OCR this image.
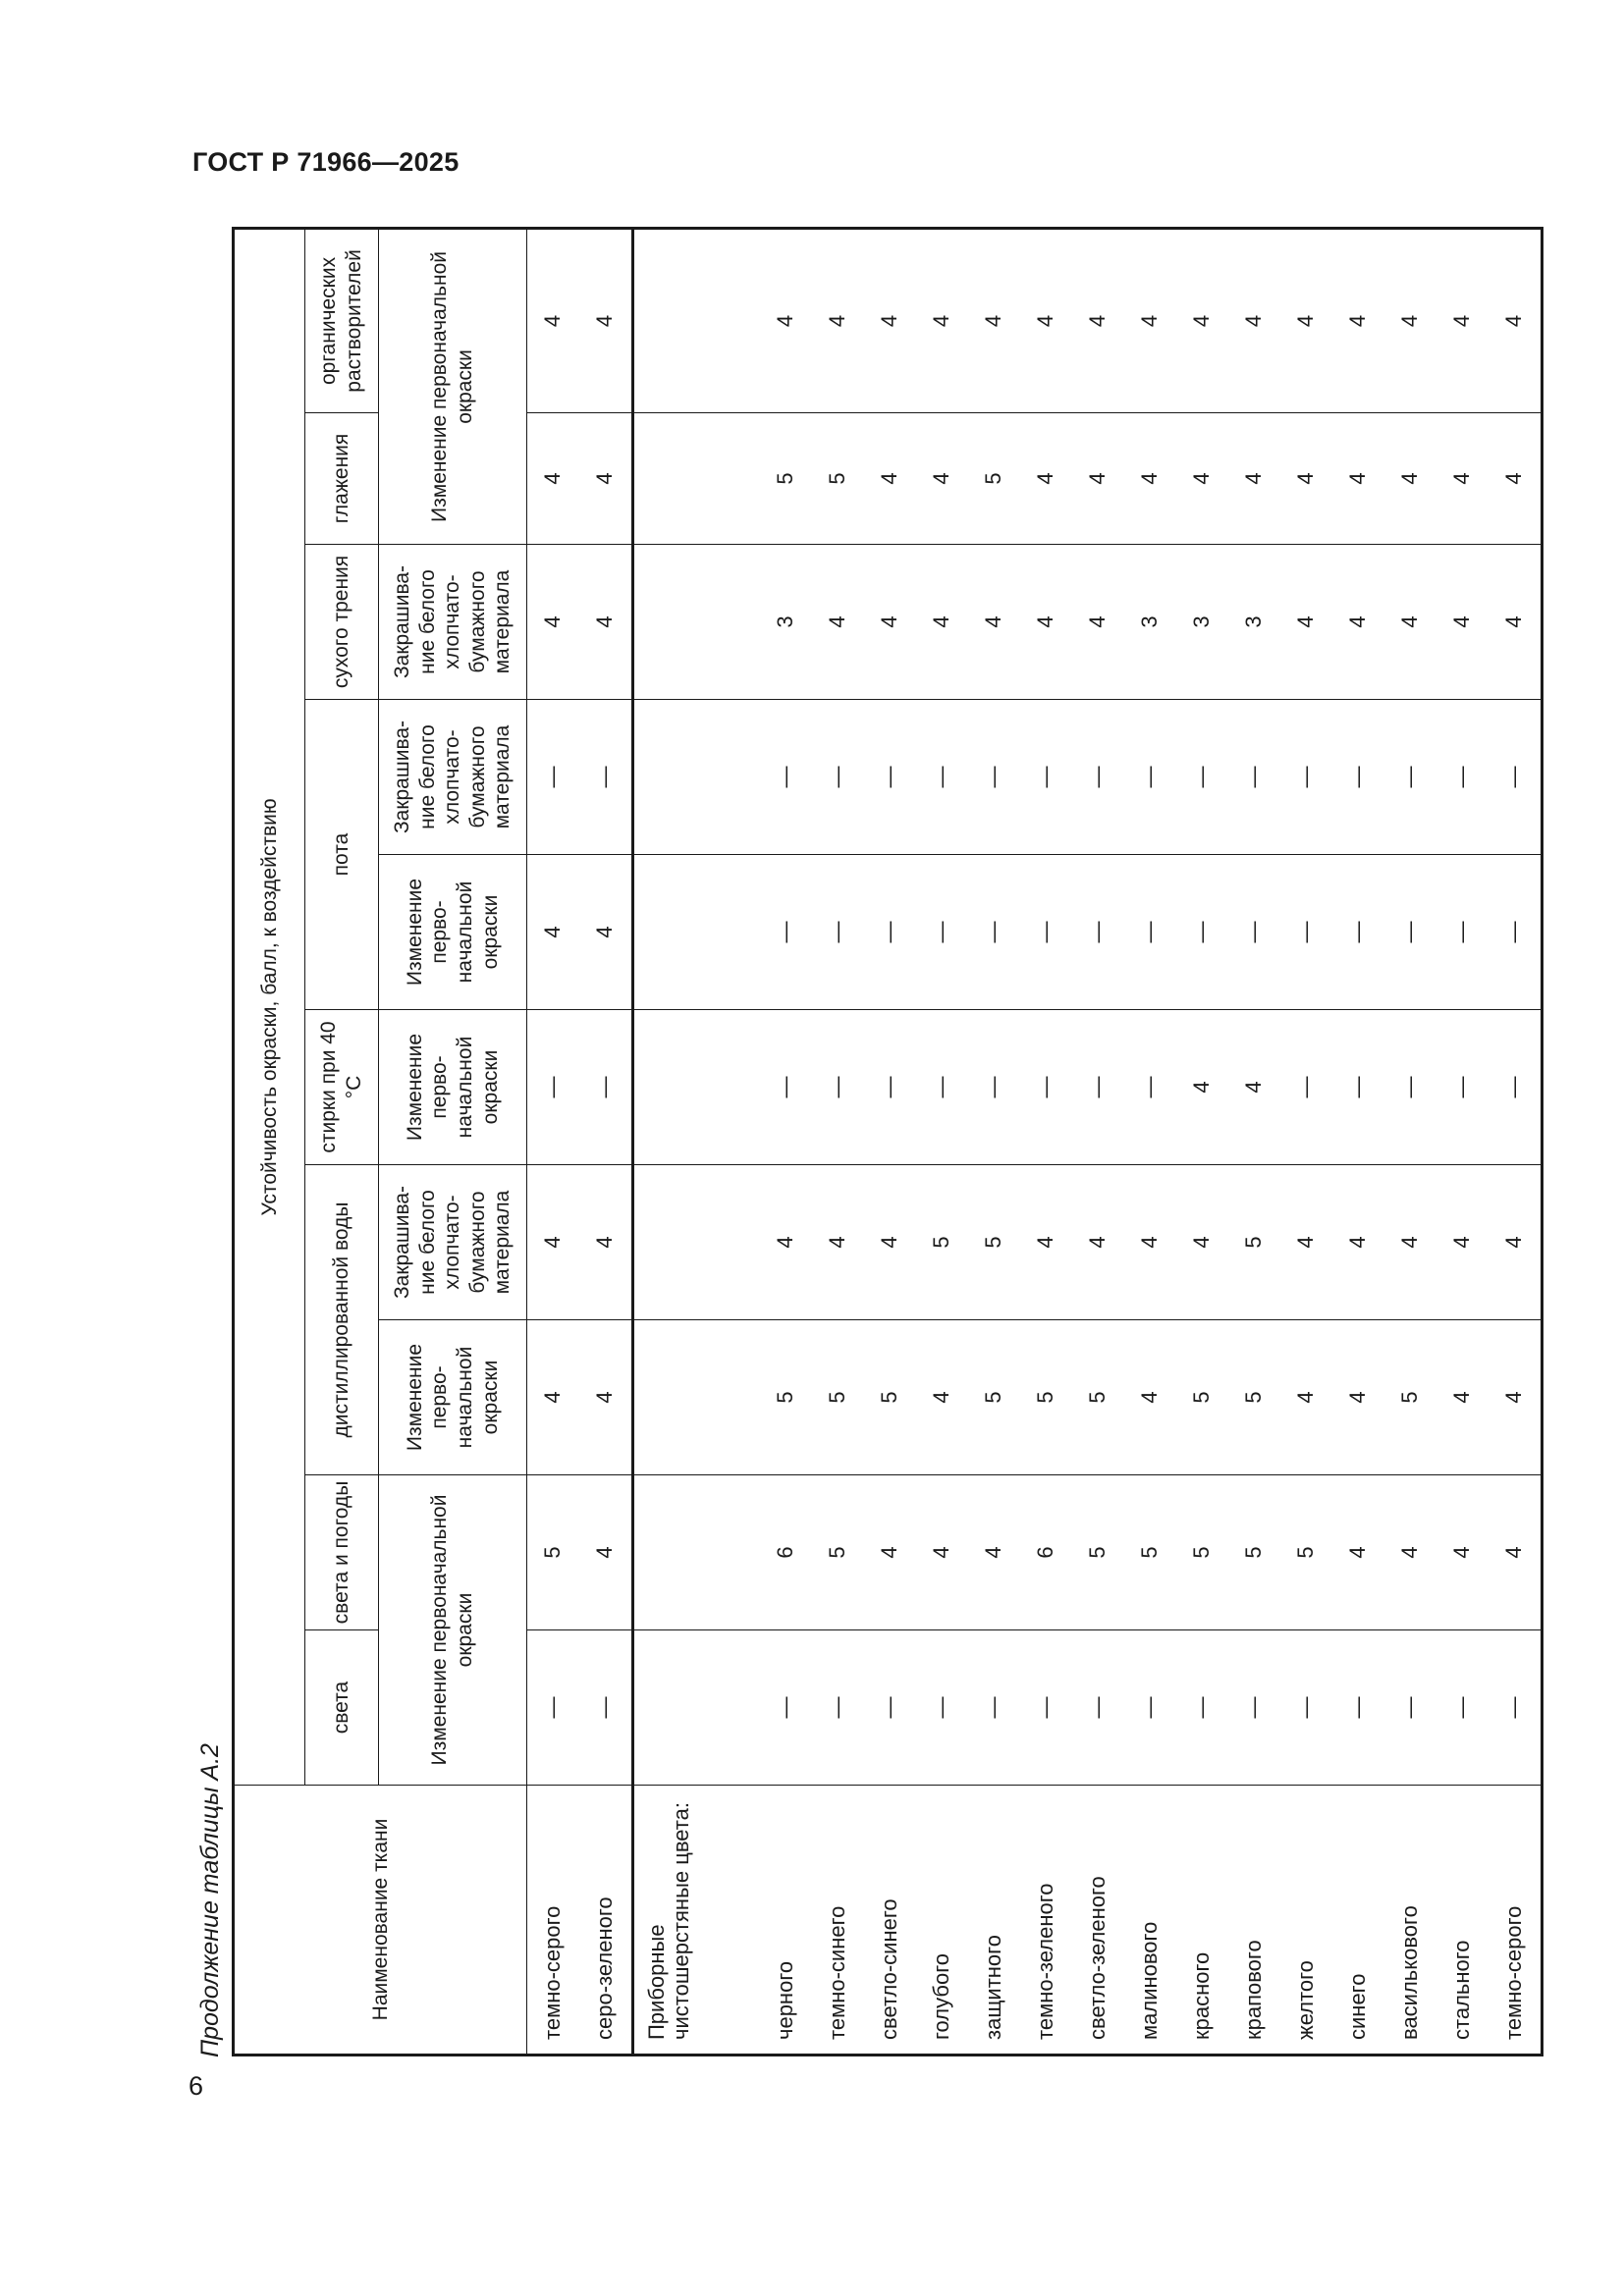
ГОСТ Р 71966—2025
Продолжение таблицы А.2
6
Наименование ткани	Устойчивость окраски, балл, к воздействию									
	света	света и погоды	дистиллированной воды		стирки при 40 °С	пота		сухого трения	глажения	органических растворителей
	Изменение первоначальной окраски		Изменение перво-начальной окраски	Закрашива-ние белого хлопчато-бумажного материала	Изменение перво-начальной окраски	Изменение перво-начальной окраски	Закрашива-ние белого хлопчато-бумажного материала	Закрашива-ние белого хлопчато-бумажного материала	Изменение первоначальной окраски	
темно-серого	—	5	4	4	—	4	—	4	4	4
серо-зеленого	—	4	4	4	—	4	—	4	4	4
Приборные чистошерстяные цвета:										
черного	—	6	5	4	—	—	—	3	5	4
темно-синего	—	5	5	4	—	—	—	4	5	4
светло-синего	—	4	5	4	—	—	—	4	4	4
голубого	—	4	4	5	—	—	—	4	4	4
защитного	—	4	5	5	—	—	—	4	5	4
темно-зеленого	—	6	5	4	—	—	—	4	4	4
светло-зеленого	—	5	5	4	—	—	—	4	4	4
малинового	—	5	4	4	—	—	—	3	4	4
красного	—	5	5	4	4	—	—	3	4	4
крапового	—	5	5	5	4	—	—	3	4	4
желтого	—	5	4	4	—	—	—	4	4	4
синего	—	4	4	4	—	—	—	4	4	4
василькового	—	4	5	4	—	—	—	4	4	4
стального	—	4	4	4	—	—	—	4	4	4
темно-серого	—	4	4	4	—	—	—	4	4	4
